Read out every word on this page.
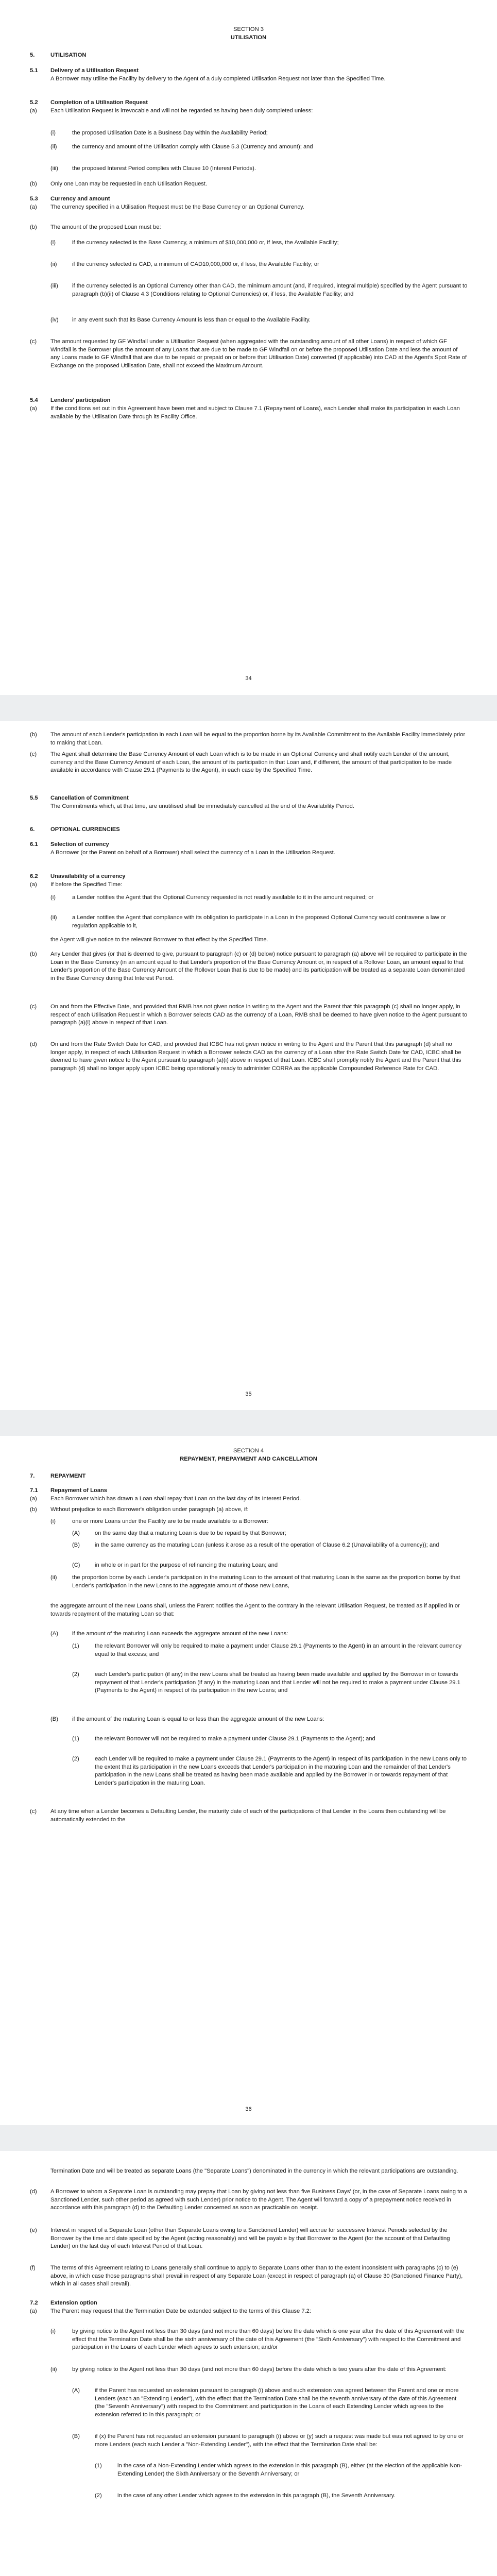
SECTION 3

UTILISATION

5.	UTILISATION

5.1	Delivery of a Utilisation Request

A Borrower may utilise the Facility by delivery to the Agent of a duly completed Utilisation Request not later than the Specified Time.

5.2	Completion of a Utilisation Request

(a)	Each Utilisation Request is irrevocable and will not be regarded as having been duly completed unless:

(i)	the proposed Utilisation Date is a Business Day within the Availability Period;

(ii)	the currency and amount of the Utilisation comply with Clause 5.3 (Currency and amount); and

(iii)	the proposed Interest Period complies with Clause 10 (Interest Periods).

(b)	Only one Loan may be requested in each Utilisation Request.

5.3	Currency and amount

(a)	The currency specified in a Utilisation Request must be the Base Currency or an Optional Currency.

(b)	The amount of the proposed Loan must be:

(i)	if the currency selected is the Base Currency, a minimum of $10,000,000 or, if less, the Available Facility;

(ii)	if the currency selected is CAD, a minimum of CAD10,000,000 or, if less, the Available Facility; or

(iii)	if the currency selected is an Optional Currency other than CAD, the minimum amount (and, if required, integral multiple) specified by the Agent pursuant to paragraph (b)(ii) of Clause 4.3 (Conditions relating to Optional Currencies) or, if less, the Available Facility; and

(iv)	in any event such that its Base Currency Amount is less than or equal to the Available Facility.

(c)	The amount requested by GF Windfall under a Utilisation Request (when aggregated with the outstanding amount of all other Loans) in respect of which GF Windfall is the Borrower plus the amount of any Loans that are due to be made to GF Windfall on or before the proposed Utilisation Date and less the amount of any Loans made to GF Windfall that are due to be repaid or prepaid on or before that Utilisation Date) converted (if applicable) into CAD at the Agent's Spot Rate of Exchange on the proposed Utilisation Date, shall not exceed the Maximum Amount.

5.4	Lenders' participation

(a)	If the conditions set out in this Agreement have been met and subject to Clause 7.1 (Repayment of Loans), each Lender shall make its participation in each Loan available by the Utilisation Date through its Facility Office.

34

(b)	The amount of each Lender's participation in each Loan will be equal to the proportion borne by its Available Commitment to the Available Facility immediately prior to making that Loan.

(c)	The Agent shall determine the Base Currency Amount of each Loan which is to be made in an Optional Currency and shall notify each Lender of the amount, currency and the Base Currency Amount of each Loan, the amount of its participation in that Loan and, if different, the amount of that participation to be made available in accordance with Clause 29.1 (Payments to the Agent), in each case by the Specified Time.

5.5	Cancellation of Commitment

The Commitments which, at that time, are unutilised shall be immediately cancelled at the end of the Availability Period.

6.	OPTIONAL CURRENCIES

6.1	Selection of currency

A Borrower (or the Parent on behalf of a Borrower) shall select the currency of a Loan in the Utilisation Request.

6.2	Unavailability of a currency

(a)	If before the Specified Time:

(i)	a Lender notifies the Agent that the Optional Currency requested is not readily available to it in the amount required; or

(ii)	a Lender notifies the Agent that compliance with its obligation to participate in a Loan in the proposed Optional Currency would contravene a law or regulation applicable to it,

the Agent will give notice to the relevant Borrower to that effect by the Specified Time.

(b)	Any Lender that gives (or that is deemed to give, pursuant to paragraph (c) or (d) below) notice pursuant to paragraph (a) above will be required to participate in the Loan in the Base Currency (in an amount equal to that Lender's proportion of the Base Currency Amount or, in respect of a Rollover Loan, an amount equal to that Lender's proportion of the Base Currency Amount of the Rollover Loan that is due to be made) and its participation will be treated as a separate Loan denominated in the Base Currency during that Interest Period.

(c)	On and from the Effective Date, and provided that RMB has not given notice in writing to the Agent and the Parent that this paragraph (c) shall no longer apply, in respect of each Utilisation Request in which a Borrower selects CAD as the currency of a Loan, RMB shall be deemed to have given notice to the Agent pursuant to paragraph (a)(i) above in respect of that Loan.

(d)	On and from the Rate Switch Date for CAD, and provided that ICBC has not given notice in writing to the Agent and the Parent that this paragraph (d) shall no longer apply, in respect of each Utilisation Request in which a Borrower selects CAD as the currency of a Loan after the Rate Switch Date for CAD, ICBC shall be deemed to have given notice to the Agent pursuant to paragraph (a)(i) above in respect of that Loan. ICBC shall promptly notify the Agent and the Parent that this paragraph (d) shall no longer apply upon ICBC being operationally ready to administer CORRA as the applicable Compounded Reference Rate for CAD.

35

SECTION 4

REPAYMENT, PREPAYMENT AND CANCELLATION

7.	REPAYMENT

7.1	Repayment of Loans

(a)	Each Borrower which has drawn a Loan shall repay that Loan on the last day of its Interest Period.

(b)	Without prejudice to each Borrower's obligation under paragraph (a) above, if:

(i)	one or more Loans under the Facility are to be made available to a Borrower:

(A)	on the same day that a maturing Loan is due to be repaid by that Borrower;

(B)	in the same currency as the maturing Loan (unless it arose as a result of the operation of Clause 6.2 (Unavailability of a currency)); and

(C)	in whole or in part for the purpose of refinancing the maturing Loan; and

(ii)	the proportion borne by each Lender's participation in the maturing Loan to the amount of that maturing Loan is the same as the proportion borne by that Lender's participation in the new Loans to the aggregate amount of those new Loans,

the aggregate amount of the new Loans shall, unless the Parent notifies the Agent to the contrary in the relevant Utilisation Request, be treated as if applied in or towards repayment of the maturing Loan so that:

(A)	if the amount of the maturing Loan exceeds the aggregate amount of the new Loans:

(1)	the relevant Borrower will only be required to make a payment under Clause 29.1 (Payments to the Agent) in an amount in the relevant currency equal to that excess; and

(2)	each Lender's participation (if any) in the new Loans shall be treated as having been made available and applied by the Borrower in or towards repayment of that Lender's participation (if any) in the maturing Loan and that Lender will not be required to make a payment under Clause 29.1 (Payments to the Agent) in respect of its participation in the new Loans; and

(B)	if the amount of the maturing Loan is equal to or less than the aggregate amount of the new Loans:

(1)	the relevant Borrower will not be required to make a payment under Clause 29.1 (Payments to the Agent); and

(2)	each Lender will be required to make a payment under Clause 29.1 (Payments to the Agent) in respect of its participation in the new Loans only to the extent that its participation in the new Loans exceeds that Lender's participation in the maturing Loan and the remainder of that Lender's participation in the new Loans shall be treated as having been made available and applied by the Borrower in or towards repayment of that Lender's participation in the maturing Loan.

(c)	At any time when a Lender becomes a Defaulting Lender, the maturity date of each of the participations of that Lender in the Loans then outstanding will be automatically extended to the

36

Termination Date and will be treated as separate Loans (the "Separate Loans") denominated in the currency in which the relevant participations are outstanding.

(d)	A Borrower to whom a Separate Loan is outstanding may prepay that Loan by giving not less than five Business Days' (or, in the case of Separate Loans owing to a Sanctioned Lender, such other period as agreed with such Lender) prior notice to the Agent. The Agent will forward a copy of a prepayment notice received in accordance with this paragraph (d) to the Defaulting Lender concerned as soon as practicable on receipt.

(e)	Interest in respect of a Separate Loan (other than Separate Loans owing to a Sanctioned Lender) will accrue for successive Interest Periods selected by the Borrower by the time and date specified by the Agent (acting reasonably) and will be payable by that Borrower to the Agent (for the account of that Defaulting Lender) on the last day of each Interest Period of that Loan.

(f)	The terms of this Agreement relating to Loans generally shall continue to apply to Separate Loans other than to the extent inconsistent with paragraphs (c) to (e) above, in which case those paragraphs shall prevail in respect of any Separate Loan (except in respect of paragraph (a) of Clause 30 (Sanctioned Finance Party), which in all cases shall prevail).

7.2	Extension option

(a)	The Parent may request that the Termination Date be extended subject to the terms of this Clause 7.2:

(i)	by giving notice to the Agent not less than 30 days (and not more than 60 days) before the date which is one year after the date of this Agreement with the effect that the Termination Date shall be the sixth anniversary of the date of this Agreement (the "Sixth Anniversary") with respect to the Commitment and participation in the Loans of each Lender which agrees to such extension; and/or

(ii)	by giving notice to the Agent not less than 30 days (and not more than 60 days) before the date which is two years after the date of this Agreement:

(A)	if the Parent has requested an extension pursuant to paragraph (i) above and such extension was agreed between the Parent and one or more Lenders (each an "Extending Lender"), with the effect that the Termination Date shall be the seventh anniversary of the date of this Agreement (the "Seventh Anniversary") with respect to the Commitment and participation in the Loans of each Extending Lender which agrees to the extension referred to in this paragraph; or

(B)	if (x) the Parent has not requested an extension pursuant to paragraph (i) above or (y) such a request was made but was not agreed to by one or more Lenders (each such Lender a "Non-Extending Lender"), with the effect that the Termination Date shall be:

(1)	in the case of a Non-Extending Lender which agrees to the extension in this paragraph (B), either (at the election of the applicable Non-Extending Lender) the Sixth Anniversary or the Seventh Anniversary; or

(2)	in the case of any other Lender which agrees to the extension in this paragraph (B), the Seventh Anniversary.
